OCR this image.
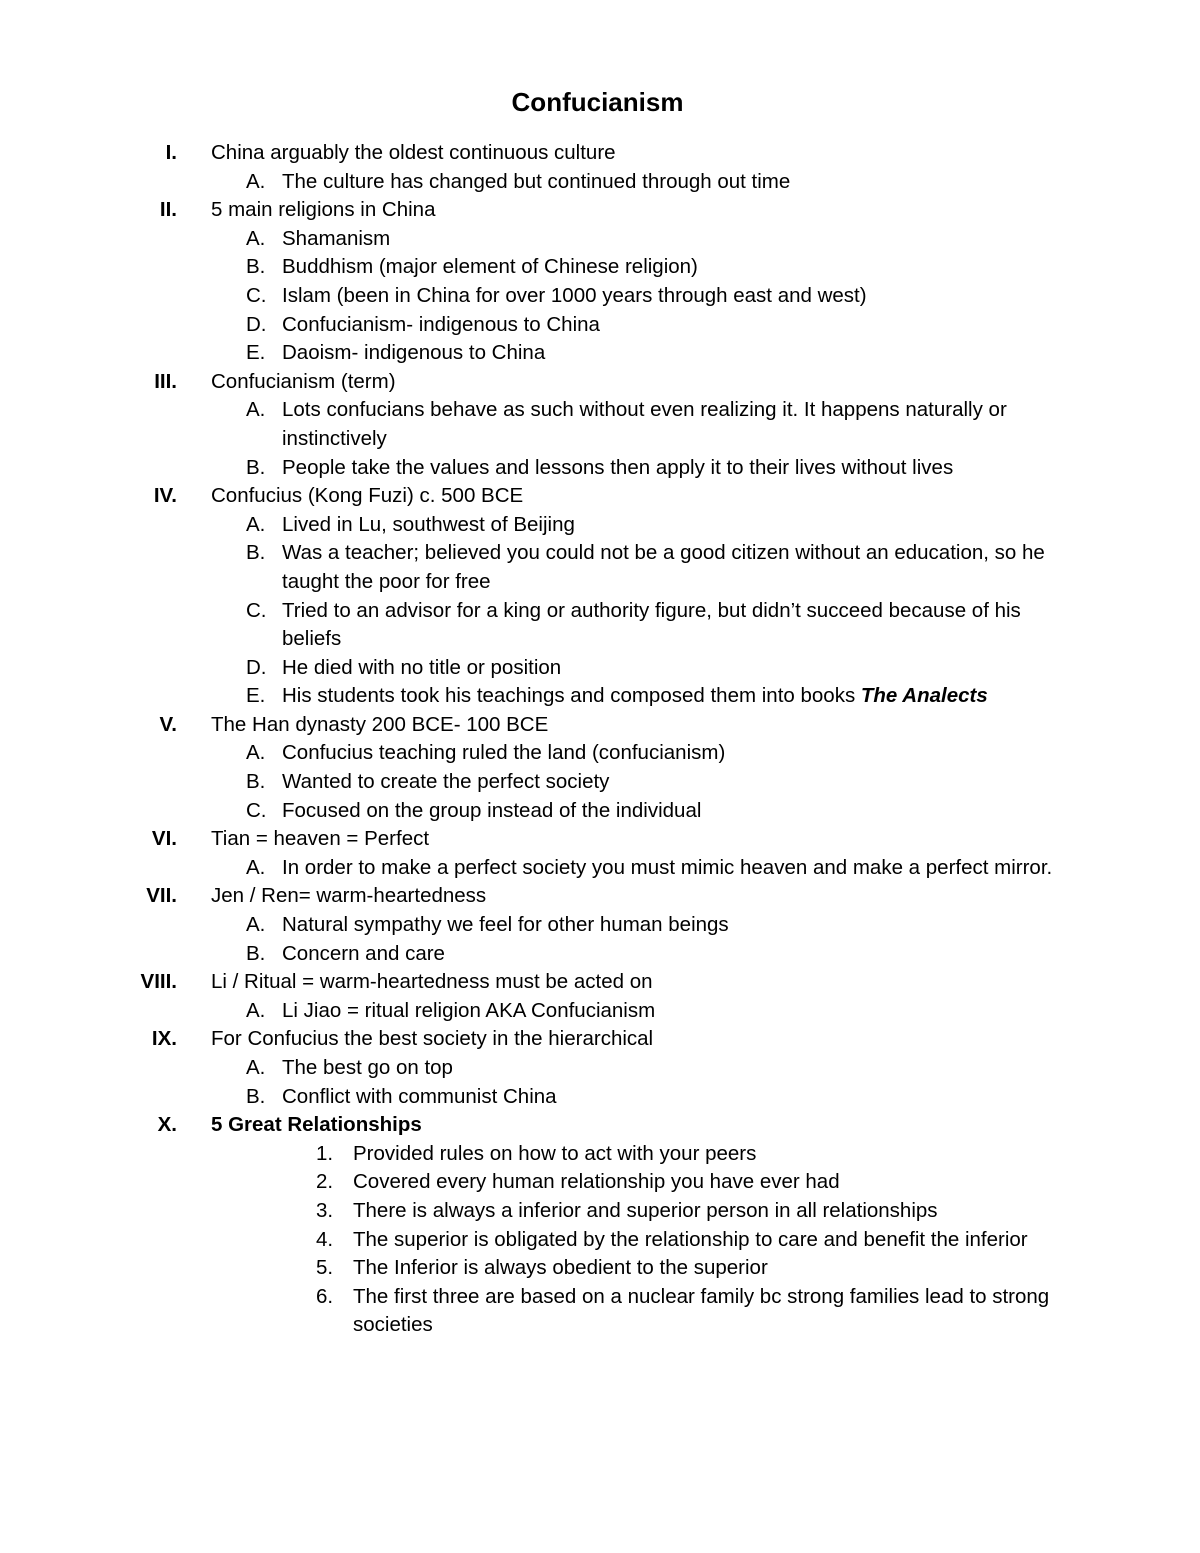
Confucianism
I. China arguably the oldest continuous culture
A. The culture has changed but continued through out time
II. 5 main religions in China
A. Shamanism
B. Buddhism (major element of Chinese religion)
C. Islam (been in China for over 1000 years through east and west)
D. Confucianism- indigenous to China
E. Daoism- indigenous to China
III. Confucianism (term)
A. Lots confucians behave as such without even realizing it. It happens naturally or instinctively
B. People take the values and lessons then apply it to their lives without lives
IV. Confucius (Kong Fuzi) c. 500 BCE
A. Lived in Lu, southwest of Beijing
B. Was a teacher; believed you could not be a good citizen without an education, so he taught the poor for free
C. Tried to an advisor for a king or authority figure, but didn’t succeed because of his beliefs
D. He died with no title or position
E. His students took his teachings and composed them into books The Analects
V. The Han dynasty 200 BCE- 100 BCE
A. Confucius teaching ruled the land (confucianism)
B. Wanted to create the perfect society
C. Focused on the group instead of the individual
VI. Tian = heaven = Perfect
A. In order to make a perfect society you must mimic heaven and make a perfect mirror.
VII. Jen / Ren= warm-heartedness
A. Natural sympathy we feel for other human beings
B. Concern and care
VIII. Li / Ritual = warm-heartedness must be acted on
A. Li Jiao = ritual religion AKA Confucianism
IX. For Confucius the best society in the hierarchical
A. The best go on top
B. Conflict with communist China
X. 5 Great Relationships
1. Provided rules on how to act with your peers
2. Covered every human relationship you have ever had
3. There is always a inferior and superior person in all relationships
4. The superior is obligated by the relationship to care and benefit the inferior
5. The Inferior is always obedient to the superior
6. The first three are based on a nuclear family bc strong families lead to strong societies
